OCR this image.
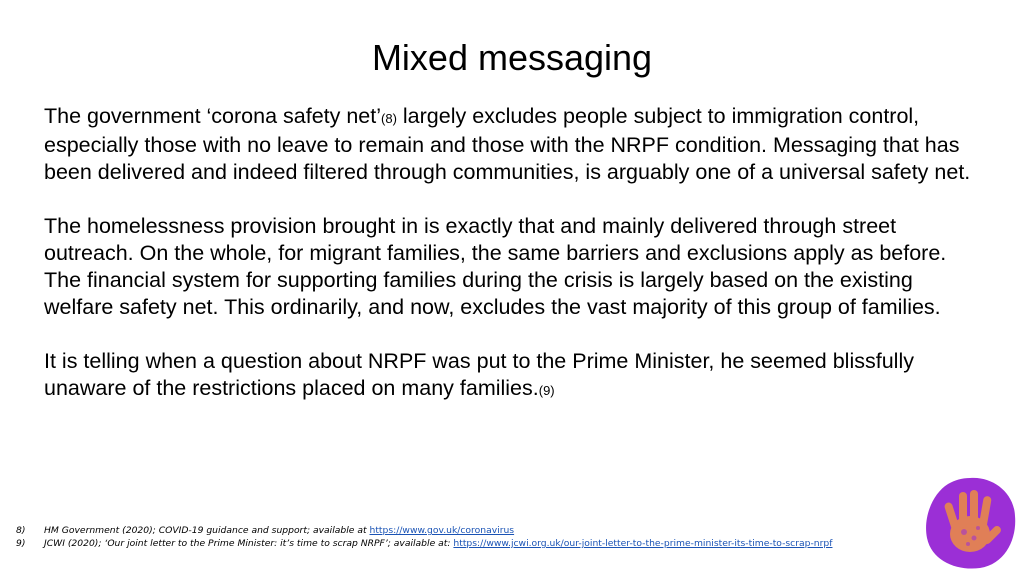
Mixed messaging

The government ‘corona safety net’(8) largely excludes people subject to immigration control, especially those with no leave to remain and those with the NRPF condition. Messaging that has been delivered and indeed filtered through communities, is arguably one of a universal safety net.

The homelessness provision brought in is exactly that and mainly delivered through street outreach. On the whole, for migrant families, the same barriers and exclusions apply as before. The financial system for supporting families during the crisis is largely based on the existing welfare safety net. This ordinarily, and now, excludes the vast majority of this group of families.

It is telling when a question about NRPF was put to the Prime Minister, he seemed blissfully unaware of the restrictions placed on many families.(9)

8)	HM Government (2020); COVID-19 guidance and support; available at https://www.gov.uk/coronavirus
9)	JCWI (2020); ‘Our joint letter to the Prime Minister: it’s time to scrap NRPF’; available at: https://www.jcwi.org.uk/our-joint-letter-to-the-prime-minister-its-time-to-scrap-nrpf
